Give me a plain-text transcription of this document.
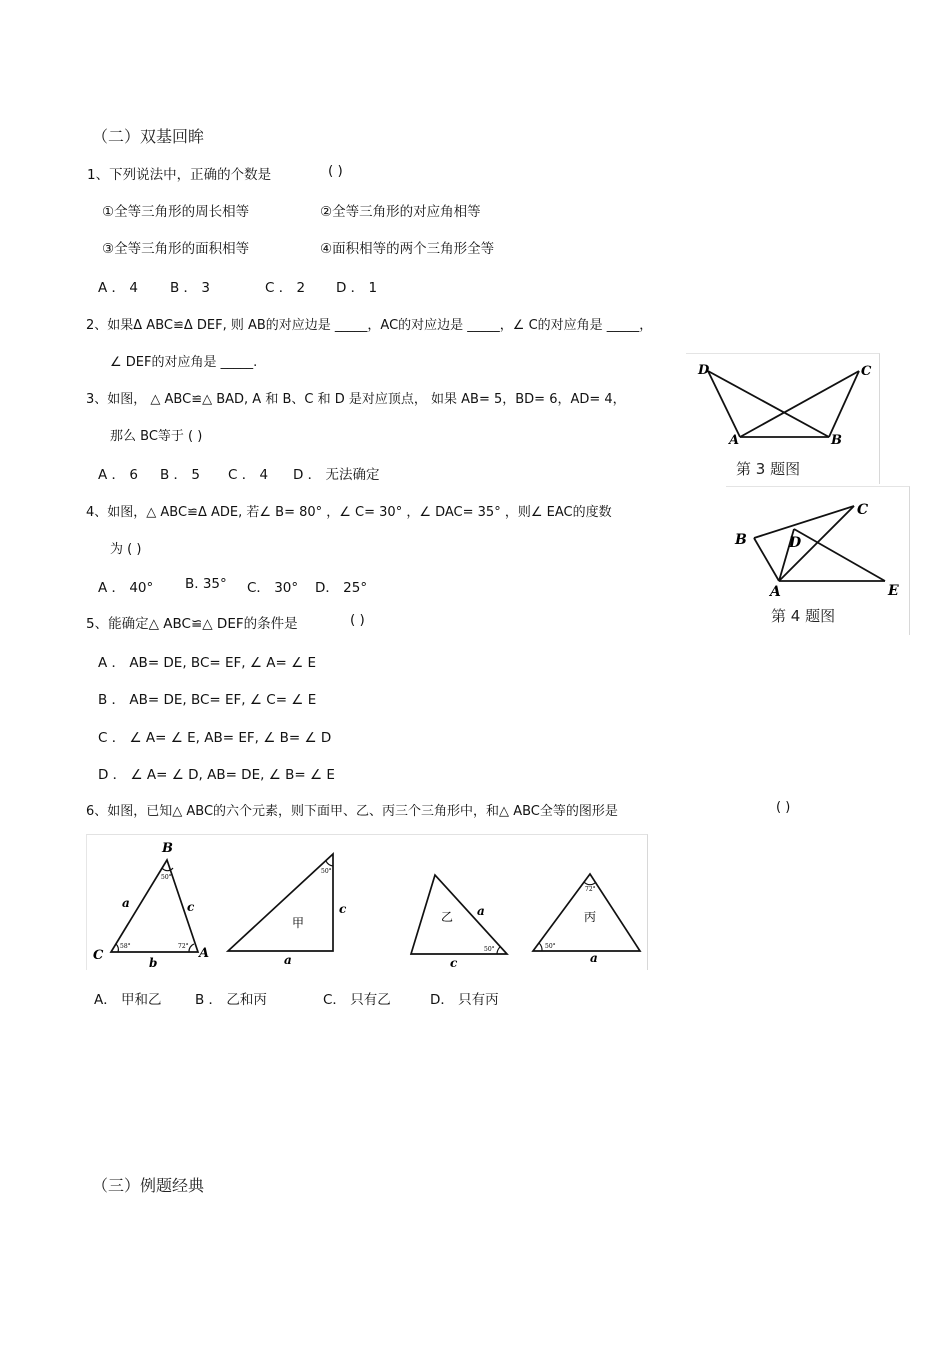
（二）双基回眸
1、下列说法中，正确的个数是	( )
①全等三角形的周长相等	②全等三角形的对应角相等
③全等三角形的面积相等	④面积相等的两个三角形全等
A ． 4 B ． 3	C ． 2 D ． 1
2、如果Δ ABC≌Δ DEF, 则 AB的对应边是 _____，AC的对应边是 _____，∠ C的对应角是 _____，
∠ DEF的对应角是 _____.
3、如图， △ ABC≌△ BAD, A 和 B、C 和 D 是对应顶点， 如果 AB= 5，BD= 6，AD= 4，
那么 BC等于 ( )
A ． 6 B ． 5 C ． 4 D ． 无法确定
D	C
A	B
第 3 题图
4、如图，△ ABC≌Δ ADE, 若∠ B= 80° ，∠ C= 30° ，∠ DAC= 35° ，则∠ EAC的度数
为 ( )
A ． 40° B. 35° C． 30° D． 25°
B
C
D
A	E
第 4 题图
5、能确定△ ABC≌△ DEF的条件是	( )
A ． AB= DE, BC= EF, ∠ A= ∠ E
B ． AB= DE, BC= EF, ∠ C= ∠ E
C ． ∠ A= ∠ E, AB= EF, ∠ B= ∠ D
D ． ∠ A= ∠ D, AB= DE, ∠ B= ∠ E
6、如图，已知△ ABC的六个元素，则下面甲、乙、丙三个三角形中，和△ ABC全等的图形是	( )
B
C	A
a	c
b
50°
58°	72°
甲
c
a
50°
乙 a
c
50°
丙
a
72°
50°
A． 甲和乙 B ． 乙和丙	C． 只有乙	D． 只有丙
（三）例题经典
